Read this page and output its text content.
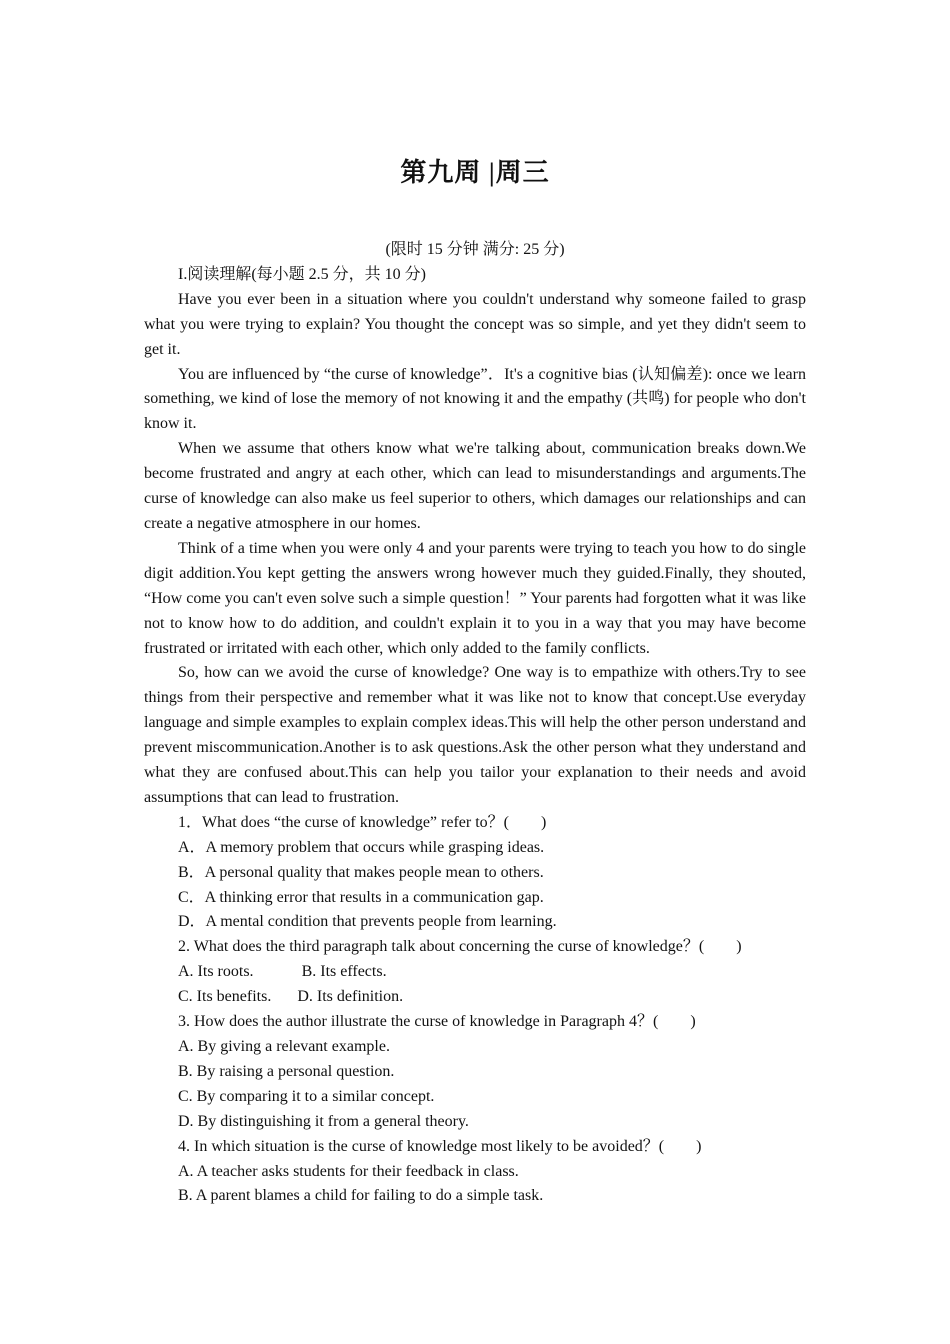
第九周 |周三

(限时 15 分钟 满分: 25 分)

I.阅读理解(每小题 2.5 分，共 10 分)

Have you ever been in a situation where you couldn't understand why someone failed to grasp what you were trying to explain? You thought the concept was so simple, and yet they didn't seem to get it.

You are influenced by “the curse of knowledge”．It's a cognitive bias (认知偏差): once we learn something, we kind of lose the memory of not knowing it and the empathy (共鸣) for people who don't know it.

When we assume that others know what we're talking about, communication breaks down.We become frustrated and angry at each other, which can lead to misunderstandings and arguments.The curse of knowledge can also make us feel superior to others, which damages our relationships and can create a negative atmosphere in our homes.

Think of a time when you were only 4 and your parents were trying to teach you how to do single digit addition.You kept getting the answers wrong however much they guided.Finally, they shouted, “How come you can't even solve such a simple question！” Your parents had forgotten what it was like not to know how to do addition, and couldn't explain it to you in a way that you may have become frustrated or irritated with each other, which only added to the family conflicts.

So, how can we avoid the curse of knowledge? One way is to empathize with others.Try to see things from their perspective and remember what it was like not to know that concept.Use everyday language and simple examples to explain complex ideas.This will help the other person understand and prevent miscommunication.Another is to ask questions.Ask the other person what they understand and what they are confused about.This can help you tailor your explanation to their needs and avoid assumptions that can lead to frustration.

1．What does “the curse of knowledge” refer to？(　　)

A．A memory problem that occurs while grasping ideas.

B．A personal quality that makes people mean to others.

C．A thinking error that results in a communication gap.

D．A mental condition that prevents people from learning.

2. What does the third paragraph talk about concerning the curse of knowledge？(　　)

A. Its roots.	B. Its effects.

C. Its benefits. D. Its definition.

3. How does the author illustrate the curse of knowledge in Paragraph 4？(　　)

A. By giving a relevant example.

B. By raising a personal question.

C. By comparing it to a similar concept.

D. By distinguishing it from a general theory.

4. In which situation is the curse of knowledge most likely to be avoided？(　　)

A. A teacher asks students for their feedback in class.

B. A parent blames a child for failing to do a simple task.
